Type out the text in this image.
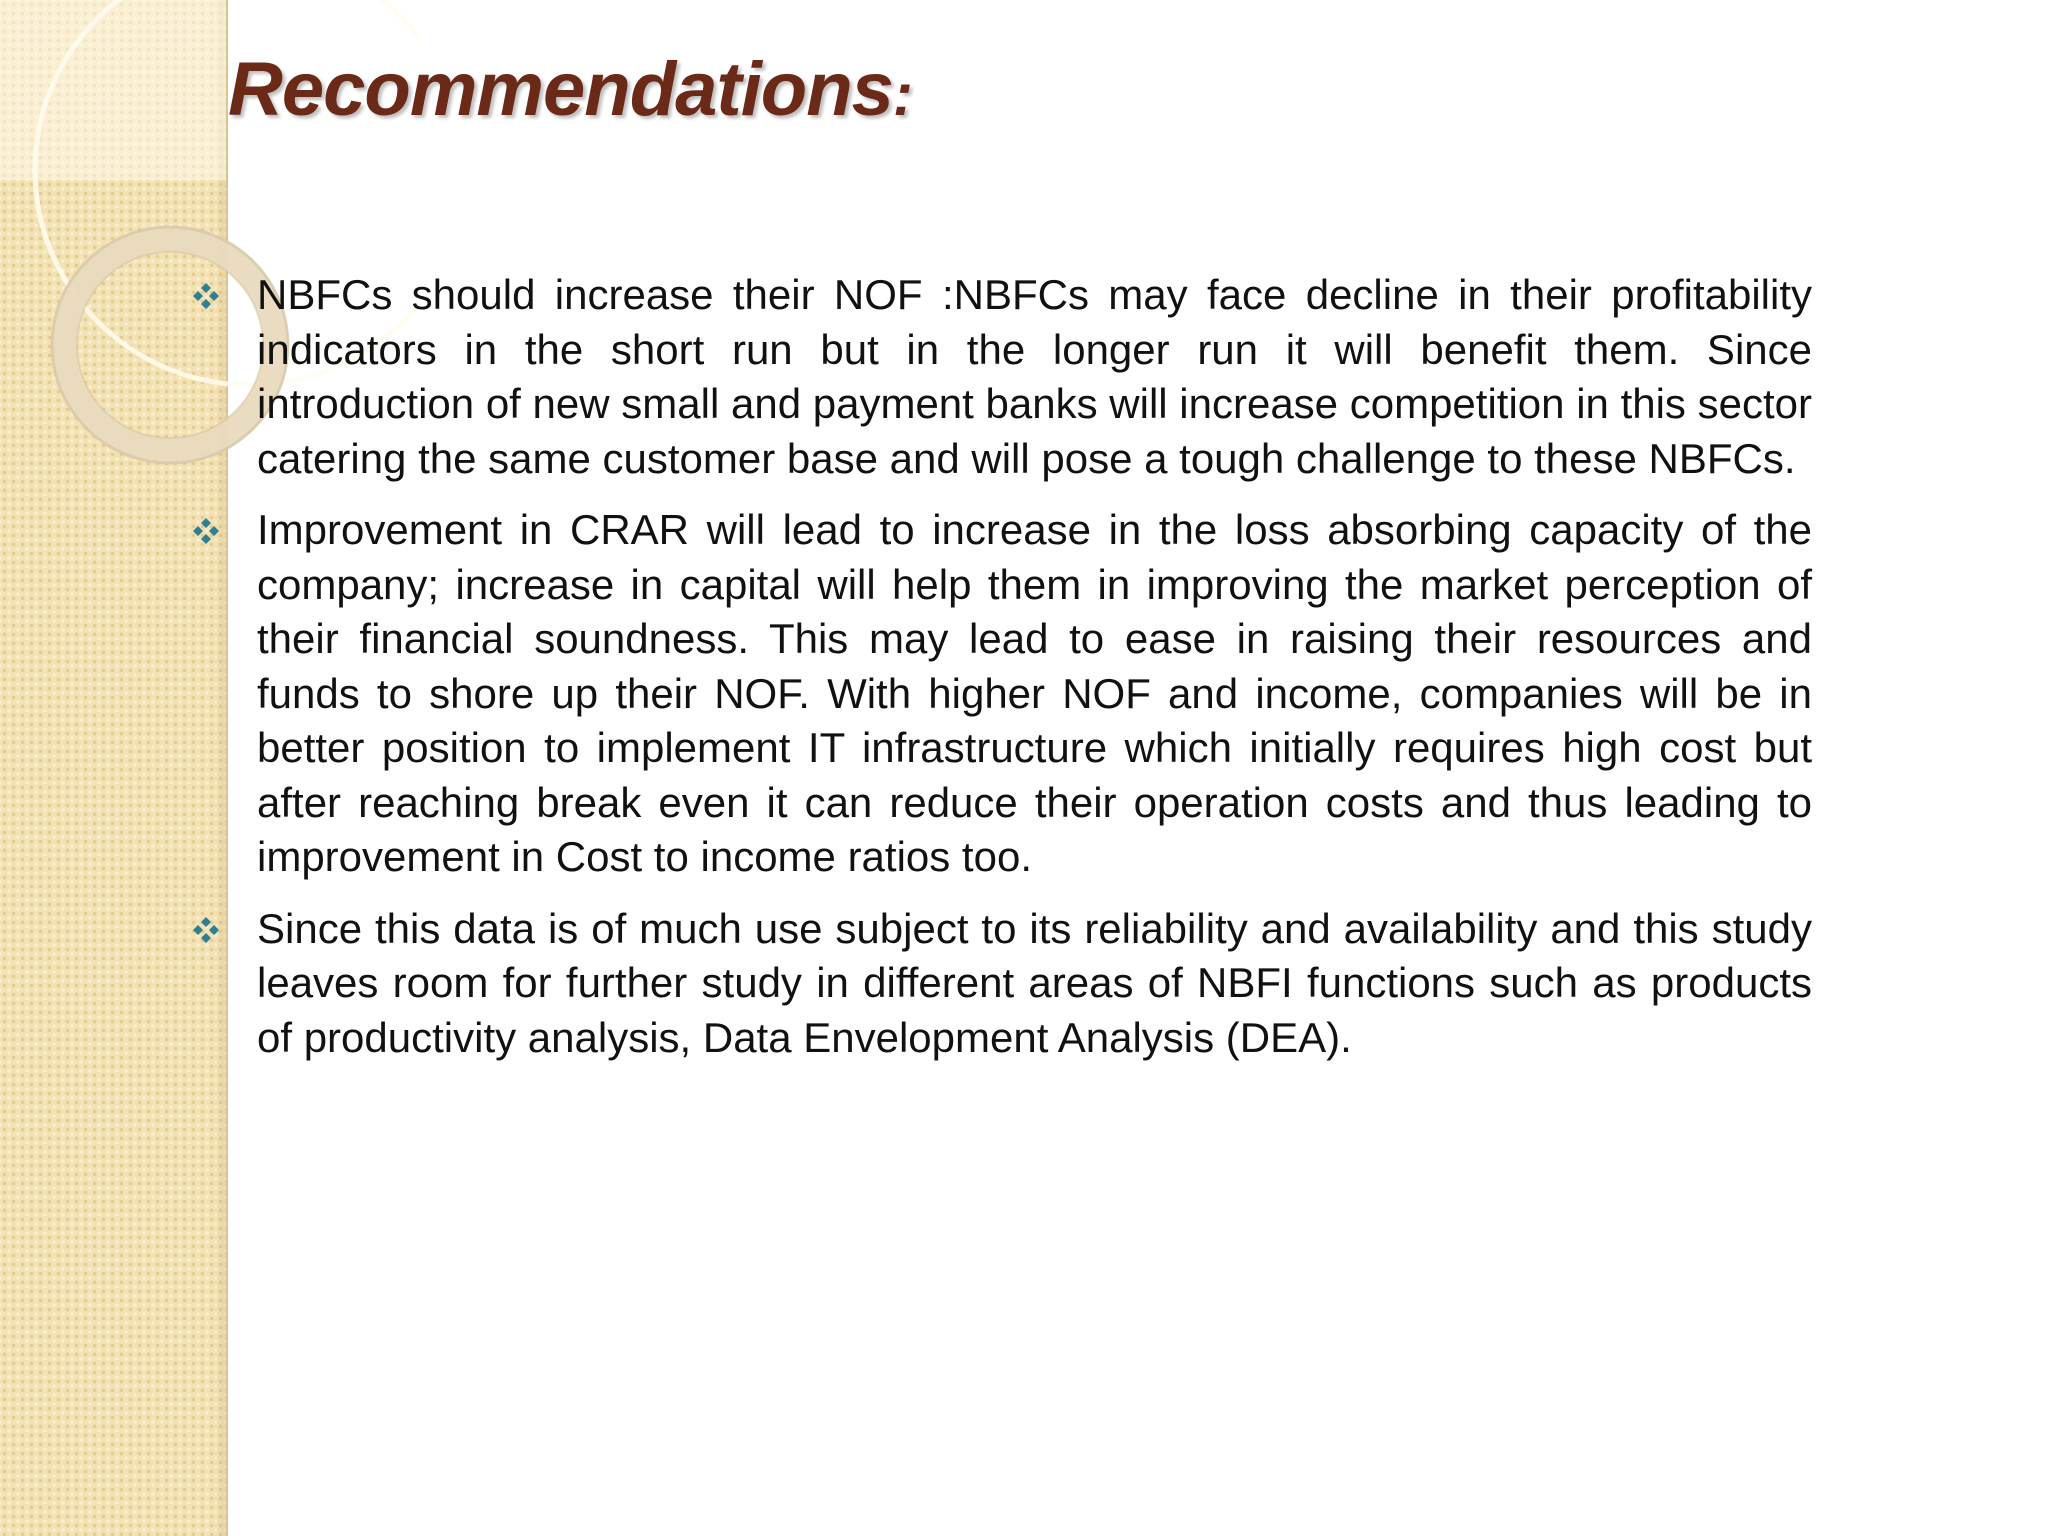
Recommendations:
NBFCs should increase their NOF :NBFCs may face decline in their profitability indicators in the short run but in the longer run it will benefit them. Since introduction of new small and payment banks will increase competition in this sector catering the same customer base and will pose a tough challenge to these NBFCs.
Improvement in CRAR will lead to increase in the loss absorbing capacity of the company; increase in capital will help them in improving the market perception of their financial soundness. This may lead to ease in raising their resources and funds to shore up their NOF. With higher NOF and income, companies will be in better position to implement IT infrastructure which initially requires high cost but after reaching break even it can reduce their operation costs and thus leading to improvement in Cost to income ratios too.
Since this data is of much use subject to its reliability and availability and this study leaves room for further study in different areas of NBFI functions such as products of productivity analysis, Data Envelopment Analysis (DEA).
